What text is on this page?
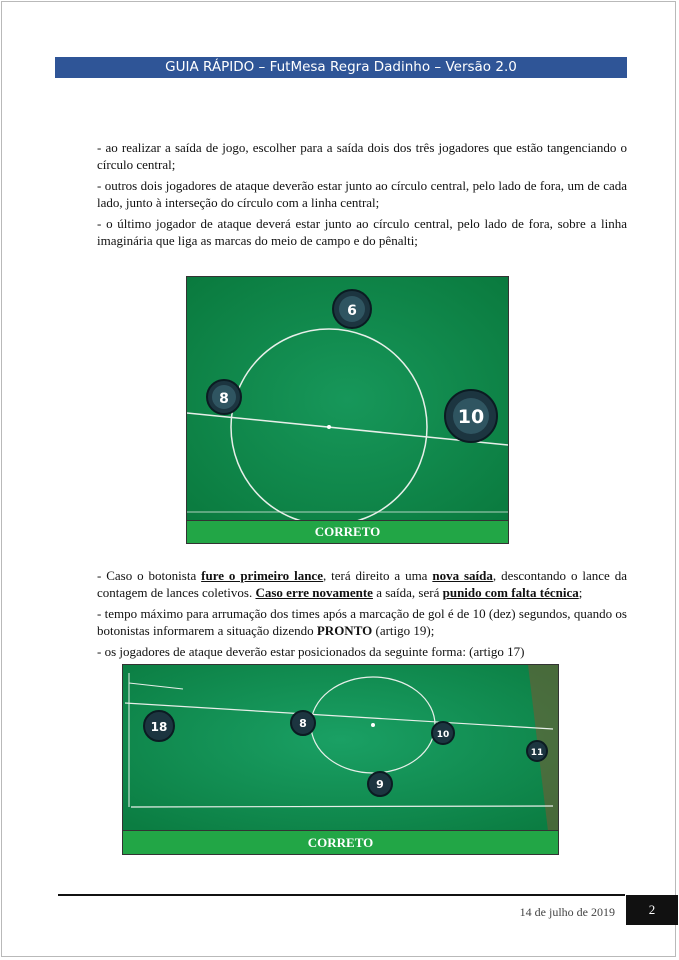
GUIA RÁPIDO – FutMesa Regra Dadinho – Versão 2.0

- ao realizar a saída de jogo, escolher para a saída dois dos três jogadores que estão tangenciando o círculo central;

- outros dois jogadores de ataque deverão estar junto ao círculo central, pelo lado de fora, um de cada lado, junto à interseção do círculo com a linha central;

- o último jogador de ataque deverá estar junto ao círculo central, pelo lado de fora, sobre a linha imaginária que liga as marcas do meio de campo e do pênalti;

6
8
10
CORRETO

- Caso o botonista fure o primeiro lance, terá direito a uma nova saída, descontando o lance da contagem de lances coletivos. Caso erre novamente a saída, será punido com falta técnica;

- tempo máximo para arrumação dos times após a marcação de gol é de 10 (dez) segundos, quando os botonistas informarem a situação dizendo PRONTO (artigo 19);

- os jogadores de ataque deverão estar posicionados da seguinte forma: (artigo 17)

18	8
10
9
11
CORRETO
14 de julho de 2019	2
